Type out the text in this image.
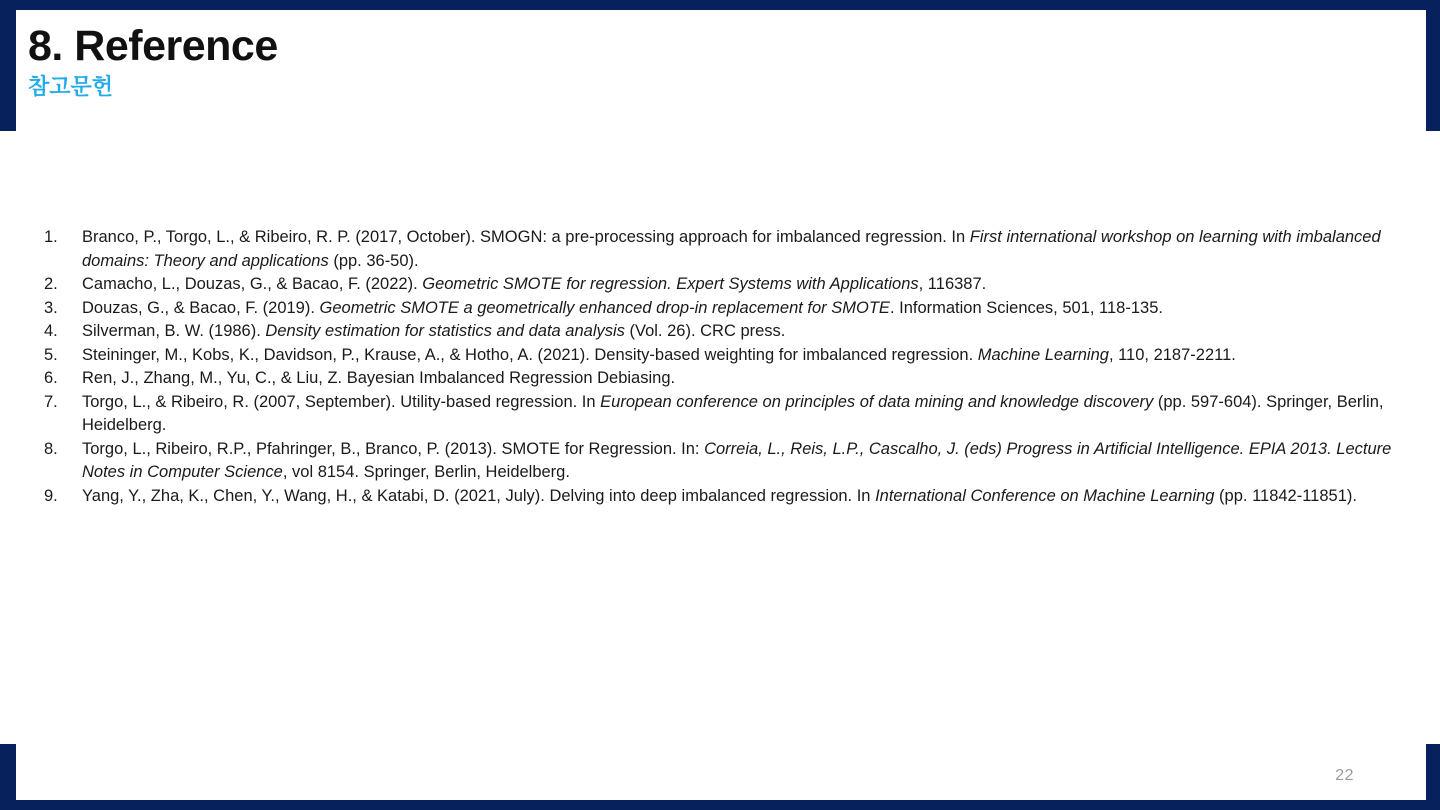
8. Reference
참고문헌
1.	Branco, P., Torgo, L., & Ribeiro, R. P. (2017, October). SMOGN: a pre-processing approach for imbalanced regression. In First international workshop on learning with imbalanced domains: Theory and applications (pp. 36-50).
2.	Camacho, L., Douzas, G., & Bacao, F. (2022). Geometric SMOTE for regression. Expert Systems with Applications, 116387.
3.	Douzas, G., & Bacao, F. (2019). Geometric SMOTE a geometrically enhanced drop-in replacement for SMOTE. Information Sciences, 501, 118-135.
4.	Silverman, B. W. (1986). Density estimation for statistics and data analysis (Vol. 26). CRC press.
5.	Steininger, M., Kobs, K., Davidson, P., Krause, A., & Hotho, A. (2021). Density-based weighting for imbalanced regression. Machine Learning, 110, 2187-2211.
6.	Ren, J., Zhang, M., Yu, C., & Liu, Z. Bayesian Imbalanced Regression Debiasing.
7.	Torgo, L., & Ribeiro, R. (2007, September). Utility-based regression. In European conference on principles of data mining and knowledge discovery (pp. 597-604). Springer, Berlin, Heidelberg.
8.	Torgo, L., Ribeiro, R.P., Pfahringer, B., Branco, P. (2013). SMOTE for Regression. In: Correia, L., Reis, L.P., Cascalho, J. (eds) Progress in Artificial Intelligence. EPIA 2013. Lecture Notes in Computer Science, vol 8154. Springer, Berlin, Heidelberg.
9.	Yang, Y., Zha, K., Chen, Y., Wang, H., & Katabi, D. (2021, July). Delving into deep imbalanced regression. In International Conference on Machine Learning (pp. 11842-11851).
22
